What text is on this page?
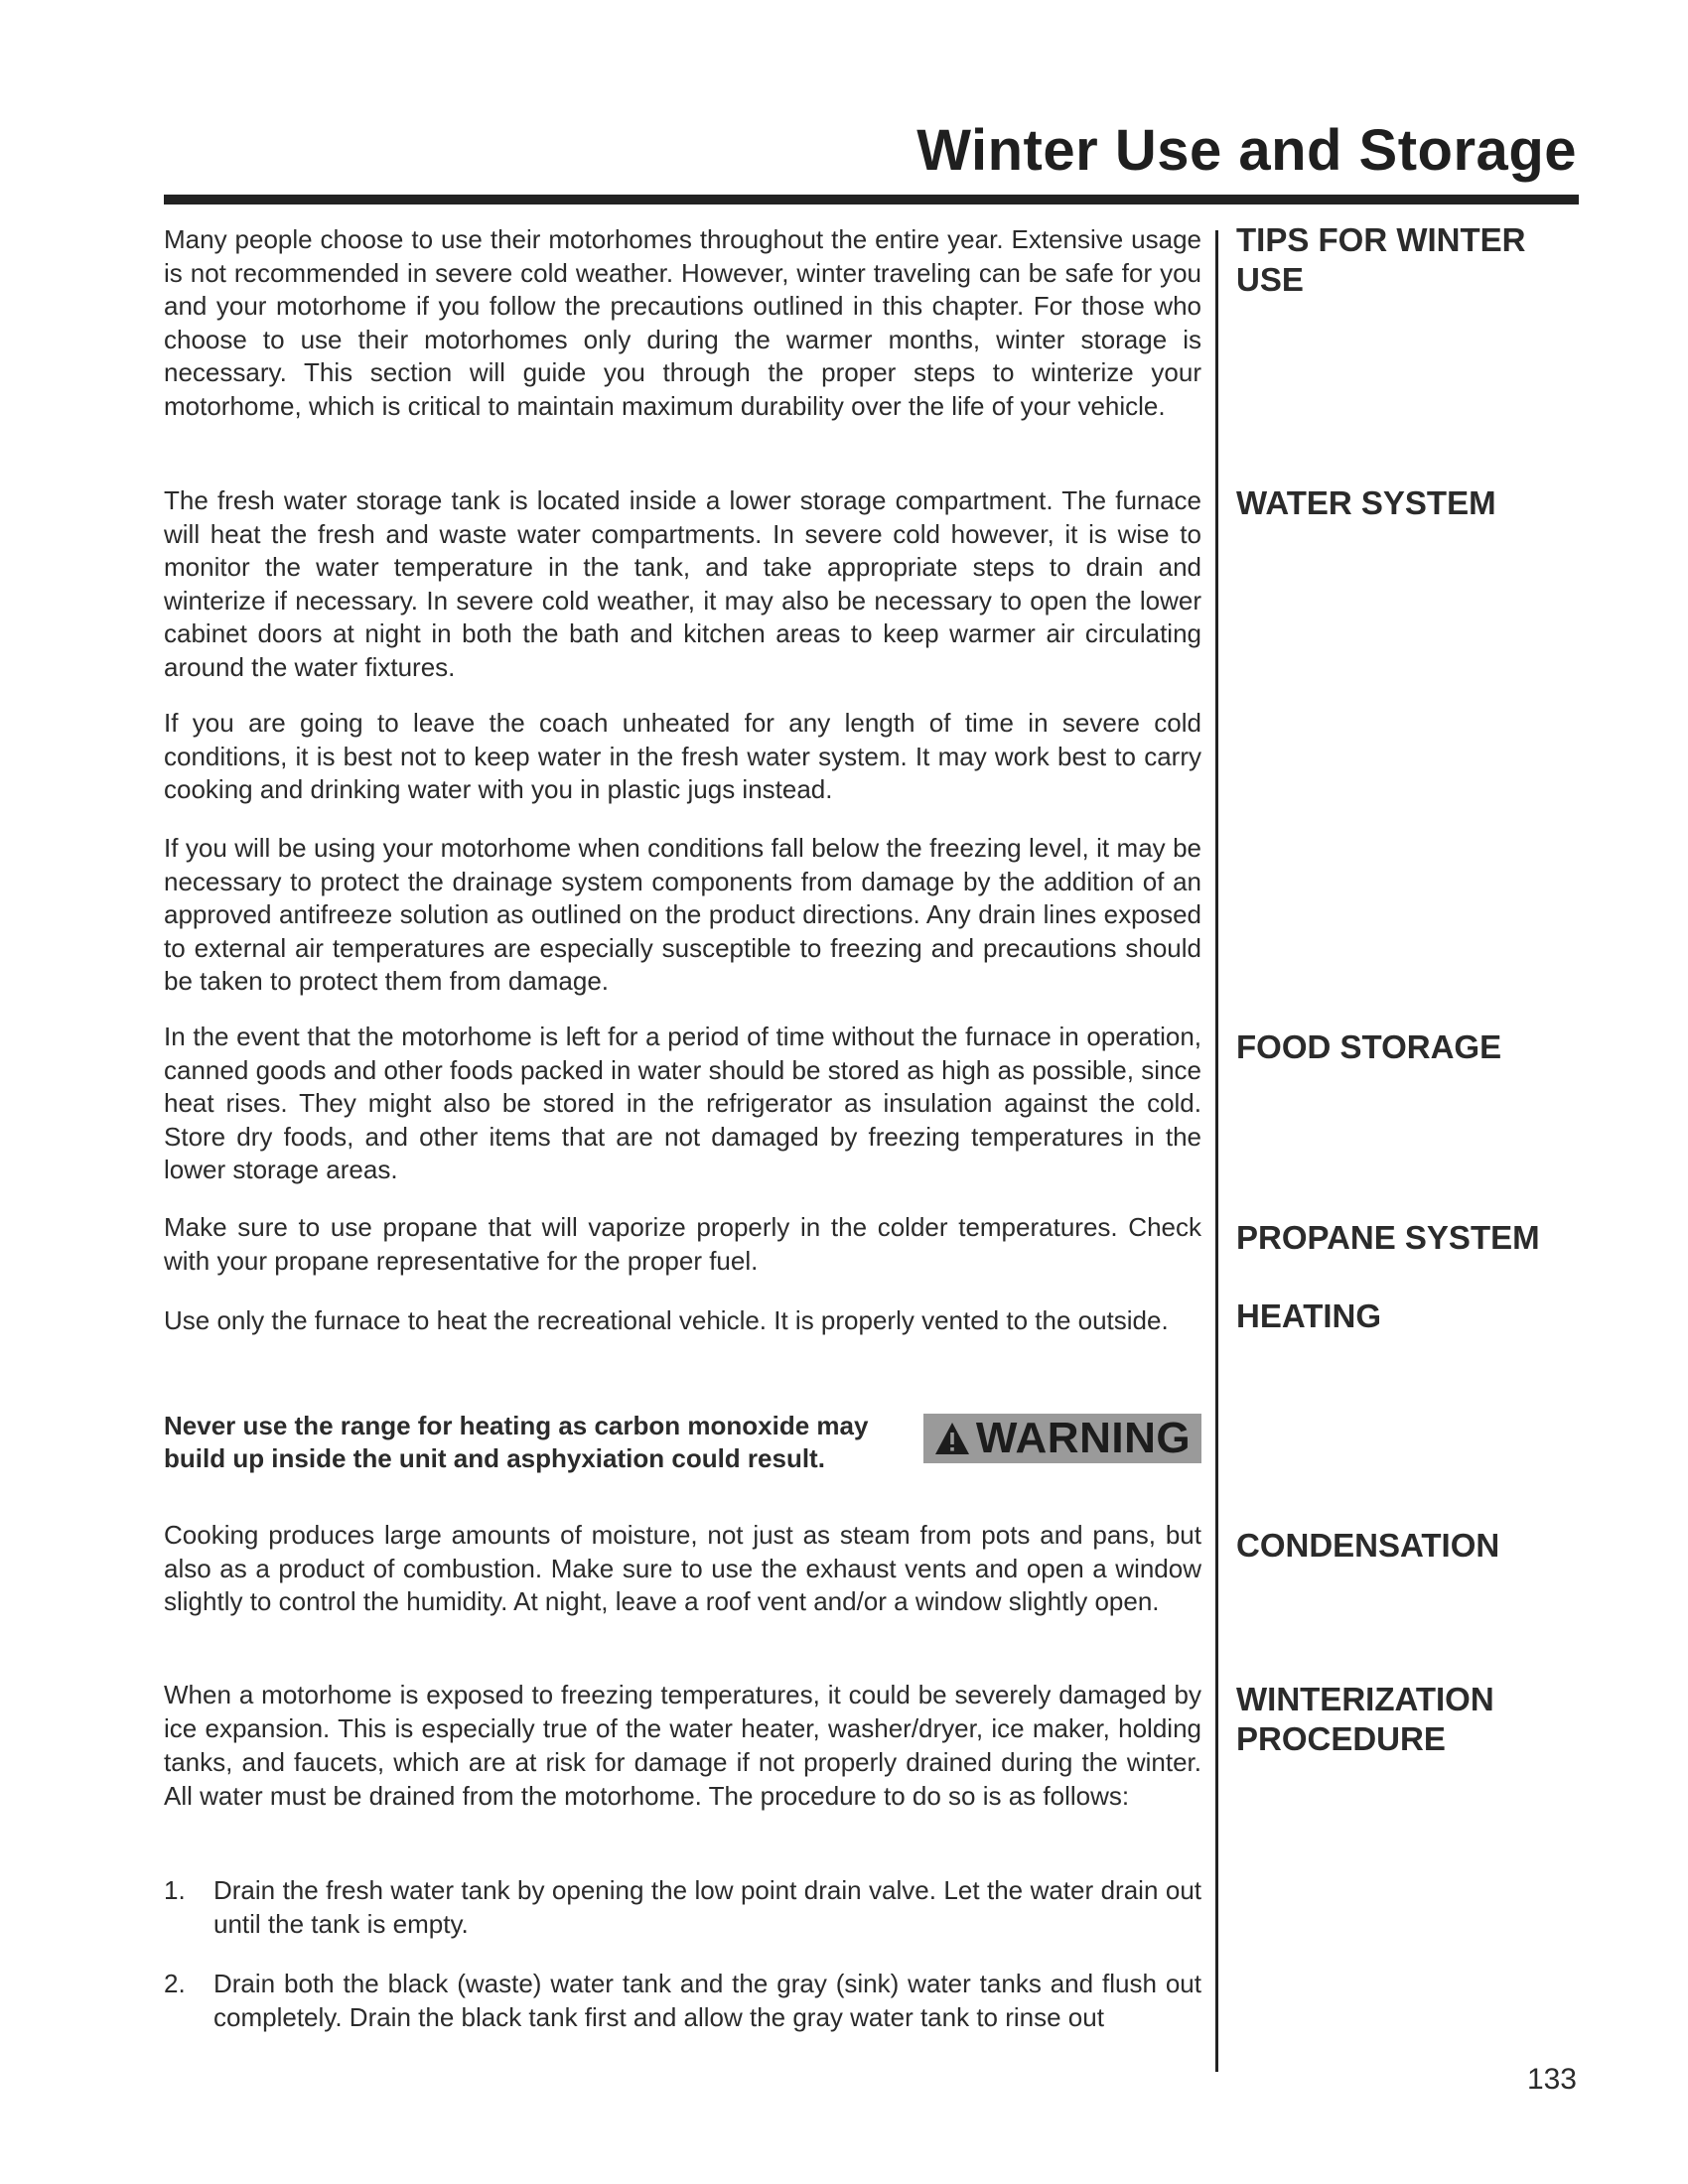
Winter Use and Storage

TIPS FOR WINTER USE

WATER SYSTEM

FOOD STORAGE

PROPANE SYSTEM

HEATING

CONDENSATION

WINTERIZATION PROCEDURE

Many people choose to use their motorhomes throughout the entire year. Extensive usage is not recommended in severe cold weather. However, winter traveling can be safe for you and your motorhome if you follow the precautions outlined in this chapter. For those who choose to use their motorhomes only during the warmer months, winter storage is necessary. This section will guide you through the proper steps to winterize your motorhome, which is critical to maintain maximum durability over the life of your vehicle.

The fresh water storage tank is located inside a lower storage compartment. The furnace will heat the fresh and waste water compartments. In severe cold however, it is wise to monitor the water temperature in the tank, and take appropriate steps to drain and winterize if necessary. In severe cold weather, it may also be necessary to open the lower cabinet doors at night in both the bath and kitchen areas to keep warmer air circulating around the water fixtures.

If you are going to leave the coach unheated for any length of time in severe cold conditions, it is best not to keep water in the fresh water system. It may work best to carry cooking and drinking water with you in plastic jugs instead.

If you will be using your motorhome when conditions fall below the freezing level, it may be necessary to protect the drainage system components from damage by the addition of an approved antifreeze solution as outlined on the product directions. Any drain lines exposed to external air temperatures are especially susceptible to freezing and precautions should be taken to protect them from damage.

In the event that the motorhome is left for a period of time without the furnace in operation, canned goods and other foods packed in water should be stored as high as possible, since heat rises. They might also be stored in the refrigerator as insulation against the cold. Store dry foods, and other items that are not damaged by freezing temperatures in the lower storage areas.

Make sure to use propane that will vaporize properly in the colder temperatures. Check with your propane representative for the proper fuel.

Use only the furnace to heat the recreational vehicle. It is properly vented to the outside.

Never use the range for heating as carbon monoxide may build up inside the unit and asphyxiation could result.	WARNING

Cooking produces large amounts of moisture, not just as steam from pots and pans, but also as a product of combustion. Make sure to use the exhaust vents and open a window slightly to control the humidity. At night, leave a roof vent and/or a window slightly open.

When a motorhome is exposed to freezing temperatures, it could be severely damaged by ice expansion. This is especially true of the water heater, washer/dryer, ice maker, holding tanks, and faucets, which are at risk for damage if not properly drained during the winter. All water must be drained from the motorhome. The procedure to do so is as follows:

1. Drain the fresh water tank by opening the low point drain valve. Let the water drain out until the tank is empty.
2. Drain both the black (waste) water tank and the gray (sink) water tanks and flush out completely. Drain the black tank first and allow the gray water tank to rinse out
133
